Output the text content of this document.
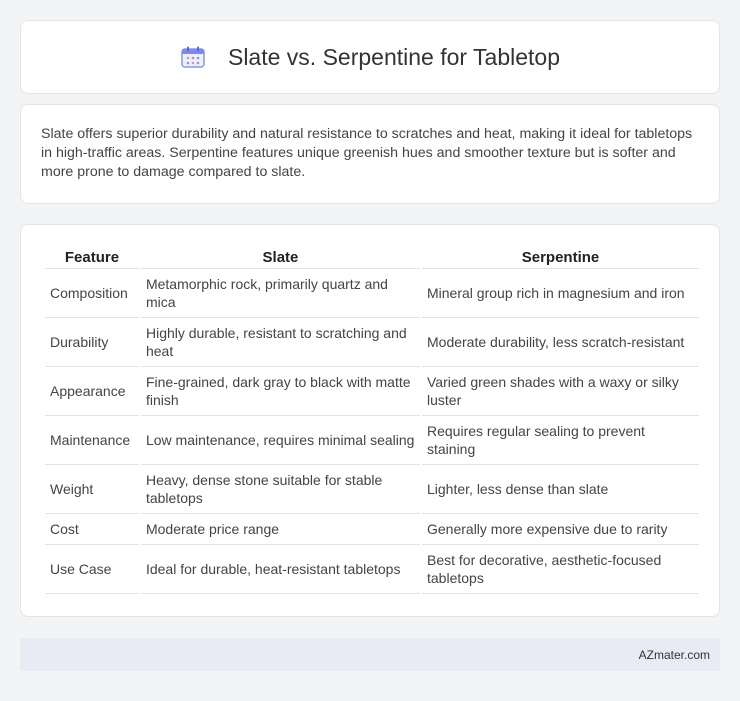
Slate vs. Serpentine for Tabletop

Slate offers superior durability and natural resistance to scratches and heat, making it ideal for tabletops in high-traffic areas. Serpentine features unique greenish hues and smoother texture but is softer and more prone to damage compared to slate.

Feature	Slate	Serpentine
Composition	Metamorphic rock, primarily quartz and mica	Mineral group rich in magnesium and iron
Durability	Highly durable, resistant to scratching and heat	Moderate durability, less scratch-resistant
Appearance	Fine-grained, dark gray to black with matte finish	Varied green shades with a waxy or silky luster
Maintenance	Low maintenance, requires minimal sealing	Requires regular sealing to prevent staining
Weight	Heavy, dense stone suitable for stable tabletops	Lighter, less dense than slate
Cost	Moderate price range	Generally more expensive due to rarity
Use Case	Ideal for durable, heat-resistant tabletops	Best for decorative, aesthetic-focused tabletops
AZmater.com
